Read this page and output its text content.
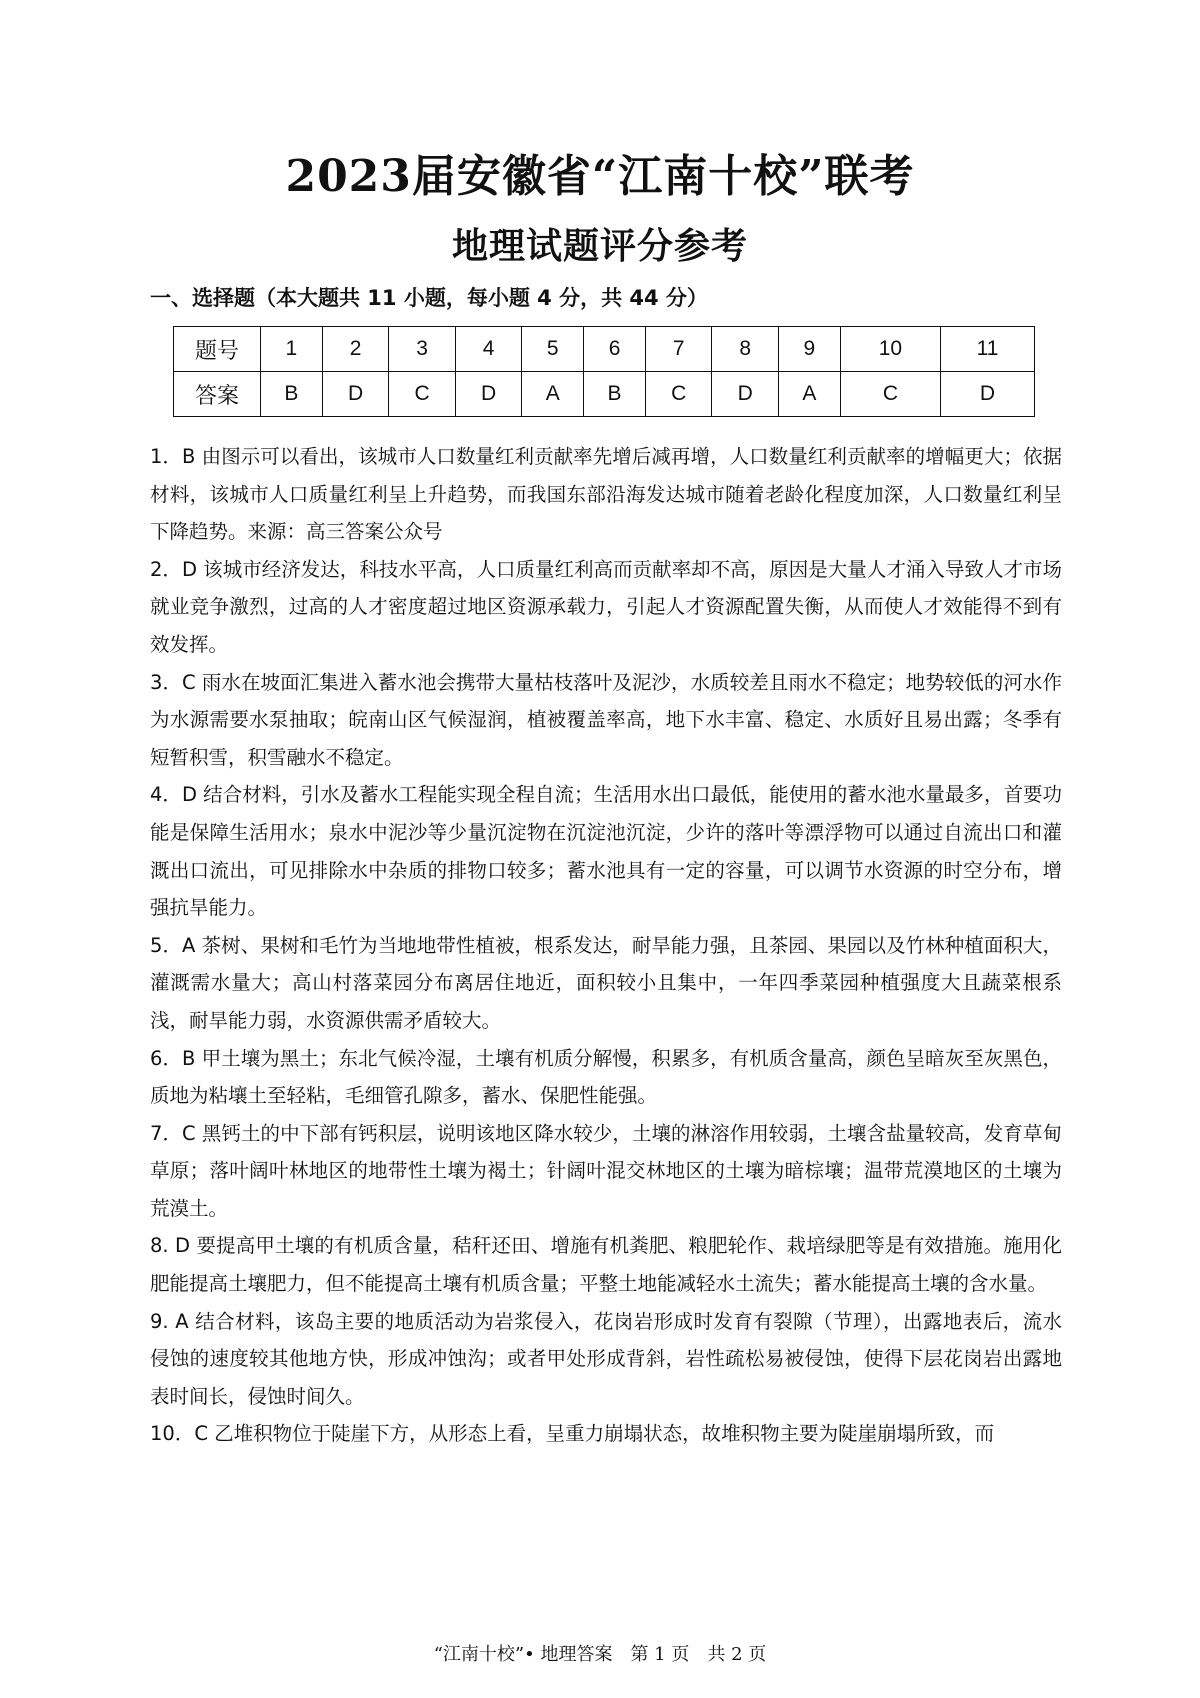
2023届安徽省“江南十校”联考
地理试题评分参考
一、选择题（本大题共 11 小题，每小题 4 分，共 44 分）
题号	1	2	3	4	5	6	7	8	9	10	11
答案	B	D	C	D	A	B	C	D	A	C	D

1．B 由图示可以看出，该城市人口数量红利贡献率先增后减再增，人口数量红利贡献率的增幅更大；依据材料，该城市人口质量红利呈上升趋势，而我国东部沿海发达城市随着老龄化程度加深，人口数量红利呈下降趋势。来源：高三答案公众号

2．D 该城市经济发达，科技水平高，人口质量红利高而贡献率却不高，原因是大量人才涌入导致人才市场就业竞争激烈，过高的人才密度超过地区资源承载力，引起人才资源配置失衡，从而使人才效能得不到有效发挥。

3．C 雨水在坡面汇集进入蓄水池会携带大量枯枝落叶及泥沙，水质较差且雨水不稳定；地势较低的河水作为水源需要水泵抽取；皖南山区气候湿润，植被覆盖率高，地下水丰富、稳定、水质好且易出露；冬季有短暂积雪，积雪融水不稳定。

4．D 结合材料，引水及蓄水工程能实现全程自流；生活用水出口最低，能使用的蓄水池水量最多，首要功能是保障生活用水；泉水中泥沙等少量沉淀物在沉淀池沉淀，少许的落叶等漂浮物可以通过自流出口和灌溉出口流出，可见排除水中杂质的排物口较多；蓄水池具有一定的容量，可以调节水资源的时空分布，增强抗旱能力。

5．A 茶树、果树和毛竹为当地地带性植被，根系发达，耐旱能力强，且茶园、果园以及竹林种植面积大，灌溉需水量大；高山村落菜园分布离居住地近，面积较小且集中，一年四季菜园种植强度大且蔬菜根系浅，耐旱能力弱，水资源供需矛盾较大。

6．B 甲土壤为黑土；东北气候冷湿，土壤有机质分解慢，积累多，有机质含量高，颜色呈暗灰至灰黑色，质地为粘壤土至轻粘，毛细管孔隙多，蓄水、保肥性能强。

7．C 黑钙土的中下部有钙积层，说明该地区降水较少，土壤的淋溶作用较弱，土壤含盐量较高，发育草甸草原；落叶阔叶林地区的地带性土壤为褐土；针阔叶混交林地区的土壤为暗棕壤；温带荒漠地区的土壤为荒漠土。

8. D 要提高甲土壤的有机质含量，秸秆还田、增施有机粪肥、粮肥轮作、栽培绿肥等是有效措施。施用化肥能提高土壤肥力，但不能提高土壤有机质含量；平整土地能减轻水土流失；蓄水能提高土壤的含水量。

9. A 结合材料，该岛主要的地质活动为岩浆侵入，花岗岩形成时发育有裂隙（节理），出露地表后，流水侵蚀的速度较其他地方快，形成冲蚀沟；或者甲处形成背斜，岩性疏松易被侵蚀，使得下层花岗岩出露地表时间长，侵蚀时间久。

10．C 乙堆积物位于陡崖下方，从形态上看，呈重力崩塌状态，故堆积物主要为陡崖崩塌所致，而

“江南十校”• 地理答案　第 1 页　共 2 页
